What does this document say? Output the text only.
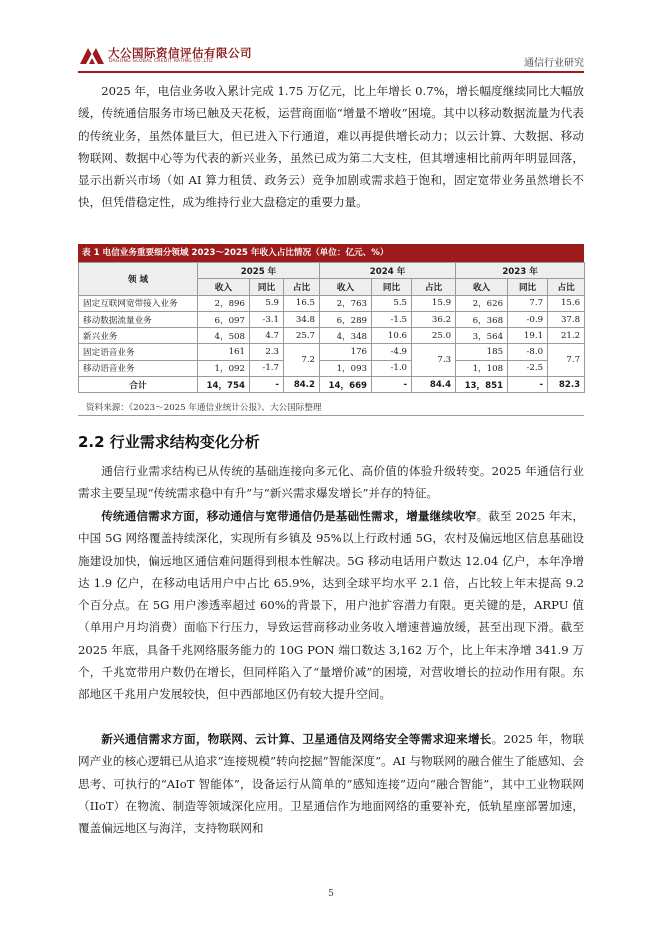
大公国际资信评估有限公司
DAGONG GLOBAL CREDIT RATING CO.,LTD	通信行业研究

2025 年，电信业务收入累计完成 1.75 万亿元，比上年增长 0.7%，增长幅度继续同比大幅放缓，传统通信服务市场已触及天花板，运营商面临“增量不增收”困境。其中以移动数据流量为代表的传统业务，虽然体量巨大，但已进入下行通道，难以再提供增长动力；以云计算、大数据、移动物联网、数据中心等为代表的新兴业务，虽然已成为第二大支柱，但其增速相比前两年明显回落，显示出新兴市场（如 AI 算力租赁、政务云）竞争加剧或需求趋于饱和，固定宽带业务虽然增长不快，但凭借稳定性，成为维持行业大盘稳定的重要力量。

表 1 电信业务重要细分领域 2023～2025 年收入占比情况（单位：亿元、%）
领 域	2025 年			2024 年			2023 年		
	收入	同比	占比	收入	同比	占比	收入	同比	占比
固定互联网宽带接入业务	2，896	5.9	16.5	2，763	5.5	15.9	2，626	7.7	15.6
移动数据流量业务	6，097	-3.1	34.8	6，289	-1.5	36.2	6，368	-0.9	37.8
新兴业务	4，508	4.7	25.7	4，348	10.6	25.0	3，564	19.1	21.2
固定语音业务	161	2.3	7.2	176	-4.9	7.3	185	-8.0	7.7
移动语音业务	1，092	-1.7		1，093	-1.0		1，108	-2.5	
合计	14，754	-	84.2	14，669	-	84.4	13，851	-	82.3
资料来源：《2023～2025 年通信业统计公报》、大公国际整理
2.2 行业需求结构变化分析

通信行业需求结构已从传统的基础连接向多元化、高价值的体验升级转变。2025 年通信行业需求主要呈现“传统需求稳中有升”与“新兴需求爆发增长”并存的特征。

传统通信需求方面，移动通信与宽带通信仍是基础性需求，增量继续收窄。截至 2025 年末，中国 5G 网络覆盖持续深化，实现所有乡镇及 95%以上行政村通 5G，农村及偏远地区信息基础设施建设加快，偏远地区通信难问题得到根本性解决。5G 移动电话用户数达 12.04 亿户，本年净增达 1.9 亿户，在移动电话用户中占比 65.9%，达到全球平均水平 2.1 倍，占比较上年末提高 9.2 个百分点。在 5G 用户渗透率超过 60%的背景下，用户池扩容潜力有限。更关键的是，ARPU 值（单用户月均消费）面临下行压力，导致运营商移动业务收入增速普遍放缓，甚至出现下滑。截至 2025 年底，具备千兆网络服务能力的 10G PON 端口数达 3,162 万个，比上年末净增 341.9 万个，千兆宽带用户数仍在增长，但同样陷入了“量增价减”的困境，对营收增长的拉动作用有限。东部地区千兆用户发展较快，但中西部地区仍有较大提升空间。

新兴通信需求方面，物联网、云计算、卫星通信及网络安全等需求迎来增长。2025 年，物联网产业的核心逻辑已从追求“连接规模”转向挖掘“智能深度”。AI 与物联网的融合催生了能感知、会思考、可执行的“AIoT 智能体”，设备运行从简单的“感知连接”迈向“融合智能”，其中工业物联网（IIoT）在物流、制造等领域深化应用。卫星通信作为地面网络的重要补充，低轨星座部署加速，覆盖偏远地区与海洋，支持物联网和

5
